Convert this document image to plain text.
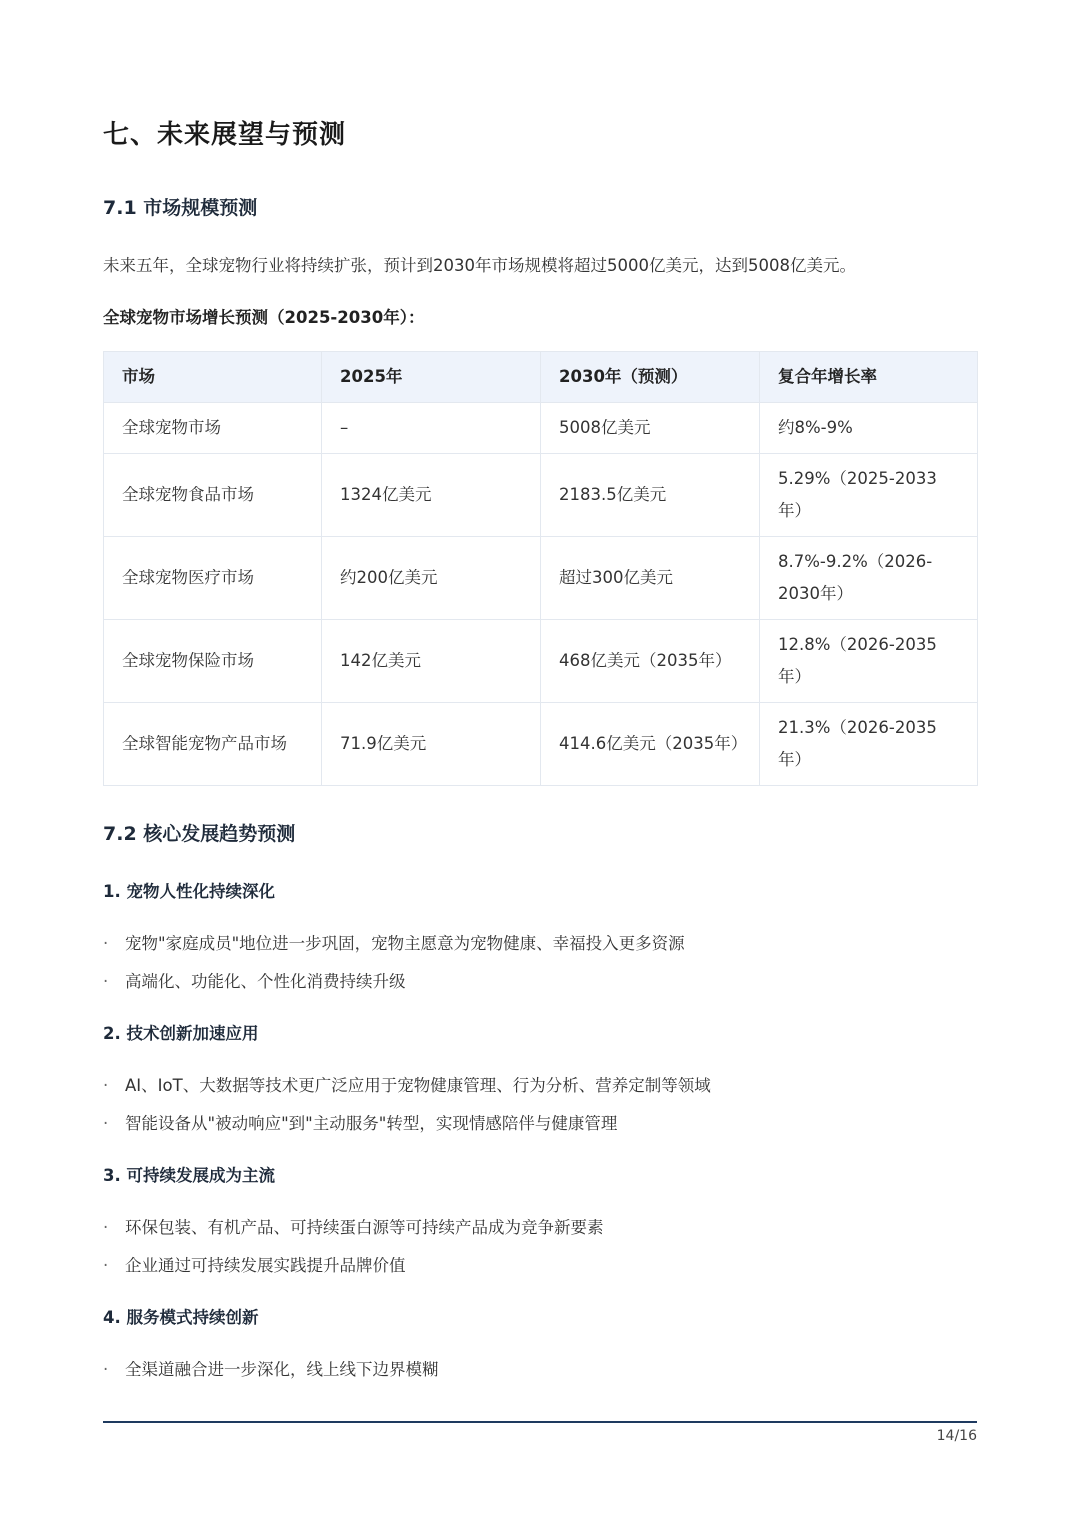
七、未来展望与预测
7.1 市场规模预测
未来五年，全球宠物行业将持续扩张，预计到2030年市场规模将超过5000亿美元，达到5008亿美元。
全球宠物市场增长预测（2025-2030年）：
市场	2025年	2030年（预测）	复合年增长率
全球宠物市场	–	5008亿美元	约8%-9%
全球宠物食品市场	1324亿美元	2183.5亿美元	5.29%（2025-2033年）
全球宠物医疗市场	约200亿美元	超过300亿美元	8.7%-9.2%（2026-2030年）
全球宠物保险市场	142亿美元	468亿美元（2035年）	12.8%（2026-2035年）
全球智能宠物产品市场	71.9亿美元	414.6亿美元（2035年）	21.3%（2026-2035年）
7.2 核心发展趋势预测
1. 宠物人性化持续深化
· 宠物"家庭成员"地位进一步巩固，宠物主愿意为宠物健康、幸福投入更多资源
· 高端化、功能化、个性化消费持续升级
2. 技术创新加速应用
· AI、IoT、大数据等技术更广泛应用于宠物健康管理、行为分析、营养定制等领域
· 智能设备从"被动响应"到"主动服务"转型，实现情感陪伴与健康管理
3. 可持续发展成为主流
· 环保包装、有机产品、可持续蛋白源等可持续产品成为竞争新要素
· 企业通过可持续发展实践提升品牌价值
4. 服务模式持续创新
· 全渠道融合进一步深化，线上线下边界模糊
14/16
